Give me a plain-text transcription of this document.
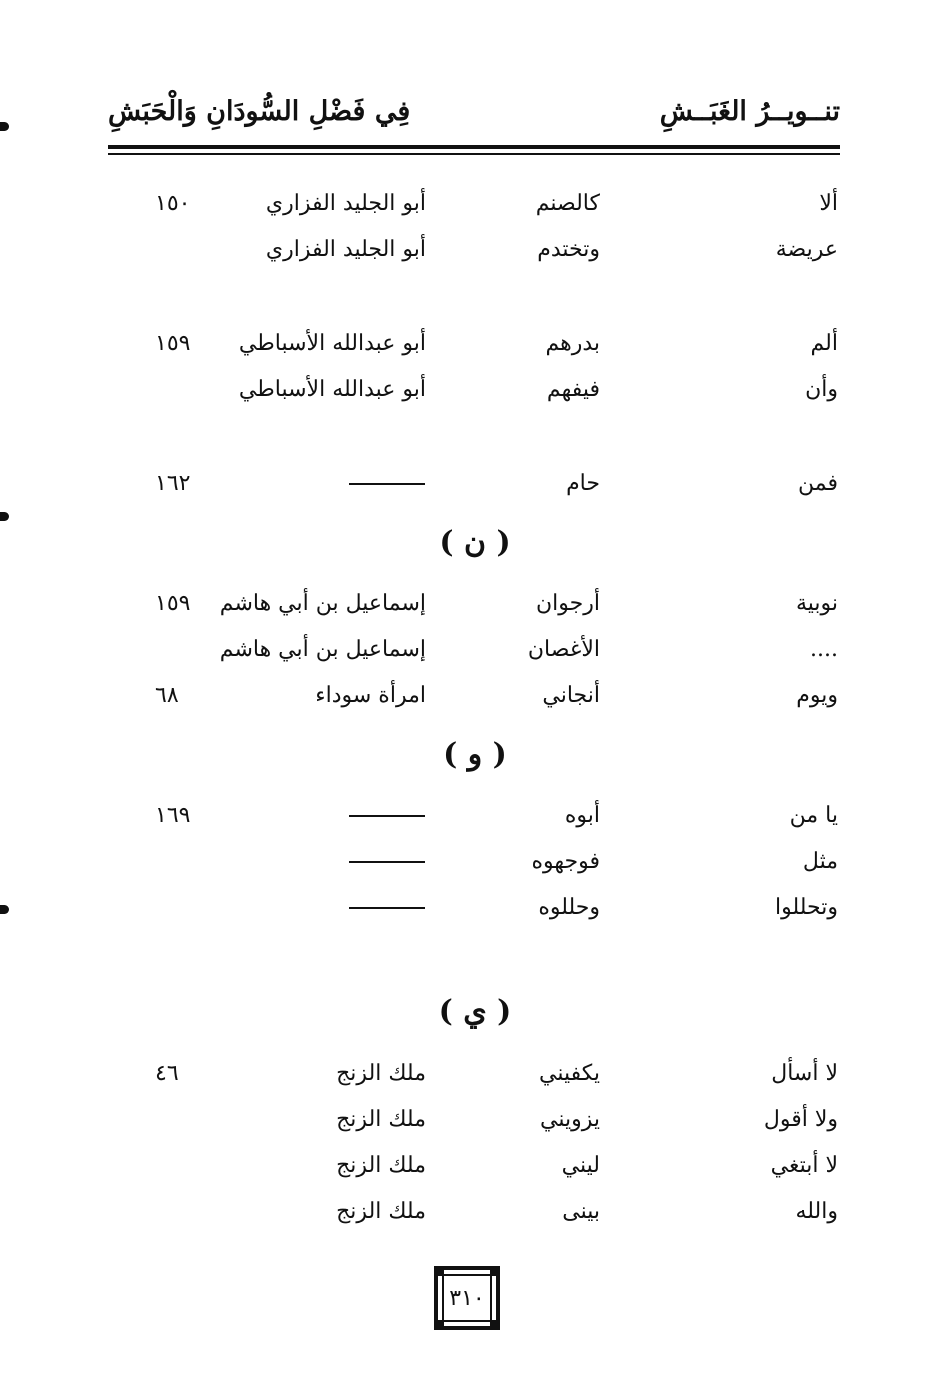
تنــويــرُ الغَبَــشِ
فِي فَضْلِ السُّودَانِ وَالْحَبَشِ
ألا
كالصنم
أبو الجليد الفزاري
١٥٠
عريضة
وتختدم
أبو الجليد الفزاري
ألم
بدرهم
أبو عبدالله الأسباطي
١٥٩
وأن
فيفهم
أبو عبدالله الأسباطي
فمن
حام
١٦٢
( ن )
نوبية
أرجوان
إسماعيل بن أبي هاشم
١٥٩
....
الأغصان
إسماعيل بن أبي هاشم
ويوم
أنجاني
امرأة سوداء
٦٨
( و )
يا من
أبوه
١٦٩
مثل
فوجهوه
وتحللوا
وحللوه
( ي )
لا أسأل
يكفيني
ملك الزنج
٤٦
ولا أقول
يزويني
ملك الزنج
لا أبتغي
ليني
ملك الزنج
والله
بينى
ملك الزنج
٣١٠
